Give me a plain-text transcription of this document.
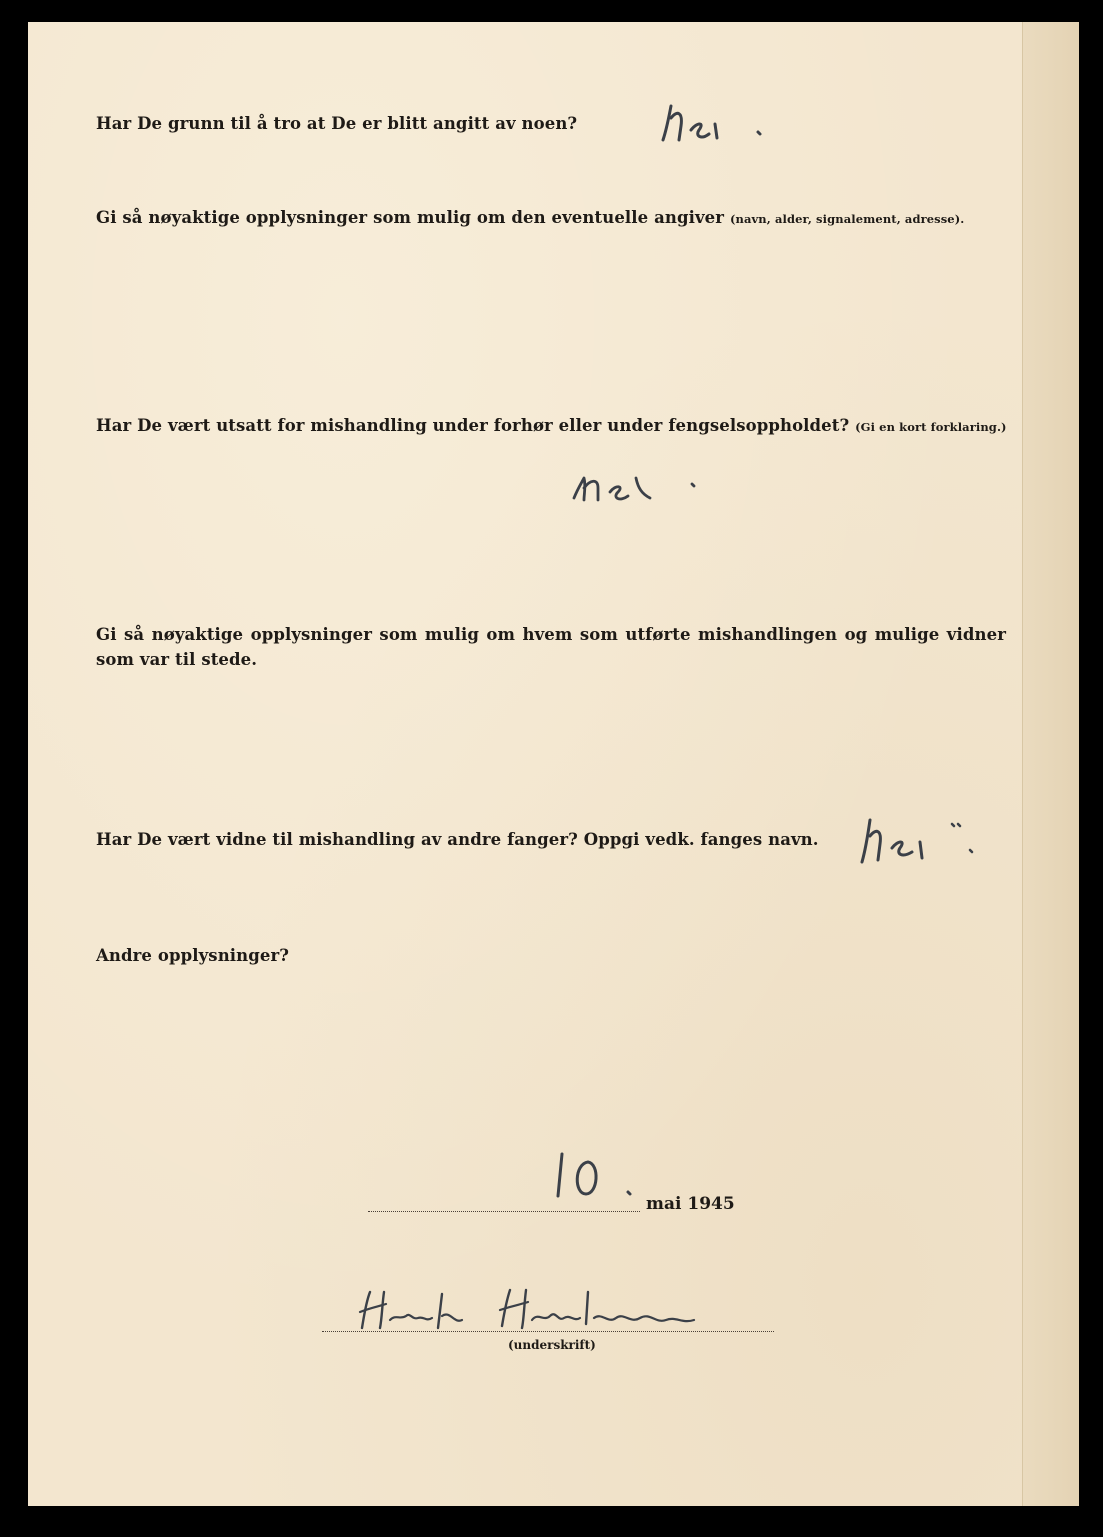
Har De grunn til å tro at De er blitt angitt av noen?
Gi så nøyaktige opplysninger som mulig om den eventuelle angiver (navn, alder, signalement, adresse).
Har De vært utsatt for mishandling under forhør eller under fengselsoppholdet? (Gi en kort forklaring.)
Gi så nøyaktige opplysninger som mulig om hvem som utførte mishandlingen og mulige vidner som var til stede.
Har De vært vidne til mishandling av andre fanger? Oppgi vedk. fanges navn.
Andre opplysninger?
mai 1945
(underskrift)
